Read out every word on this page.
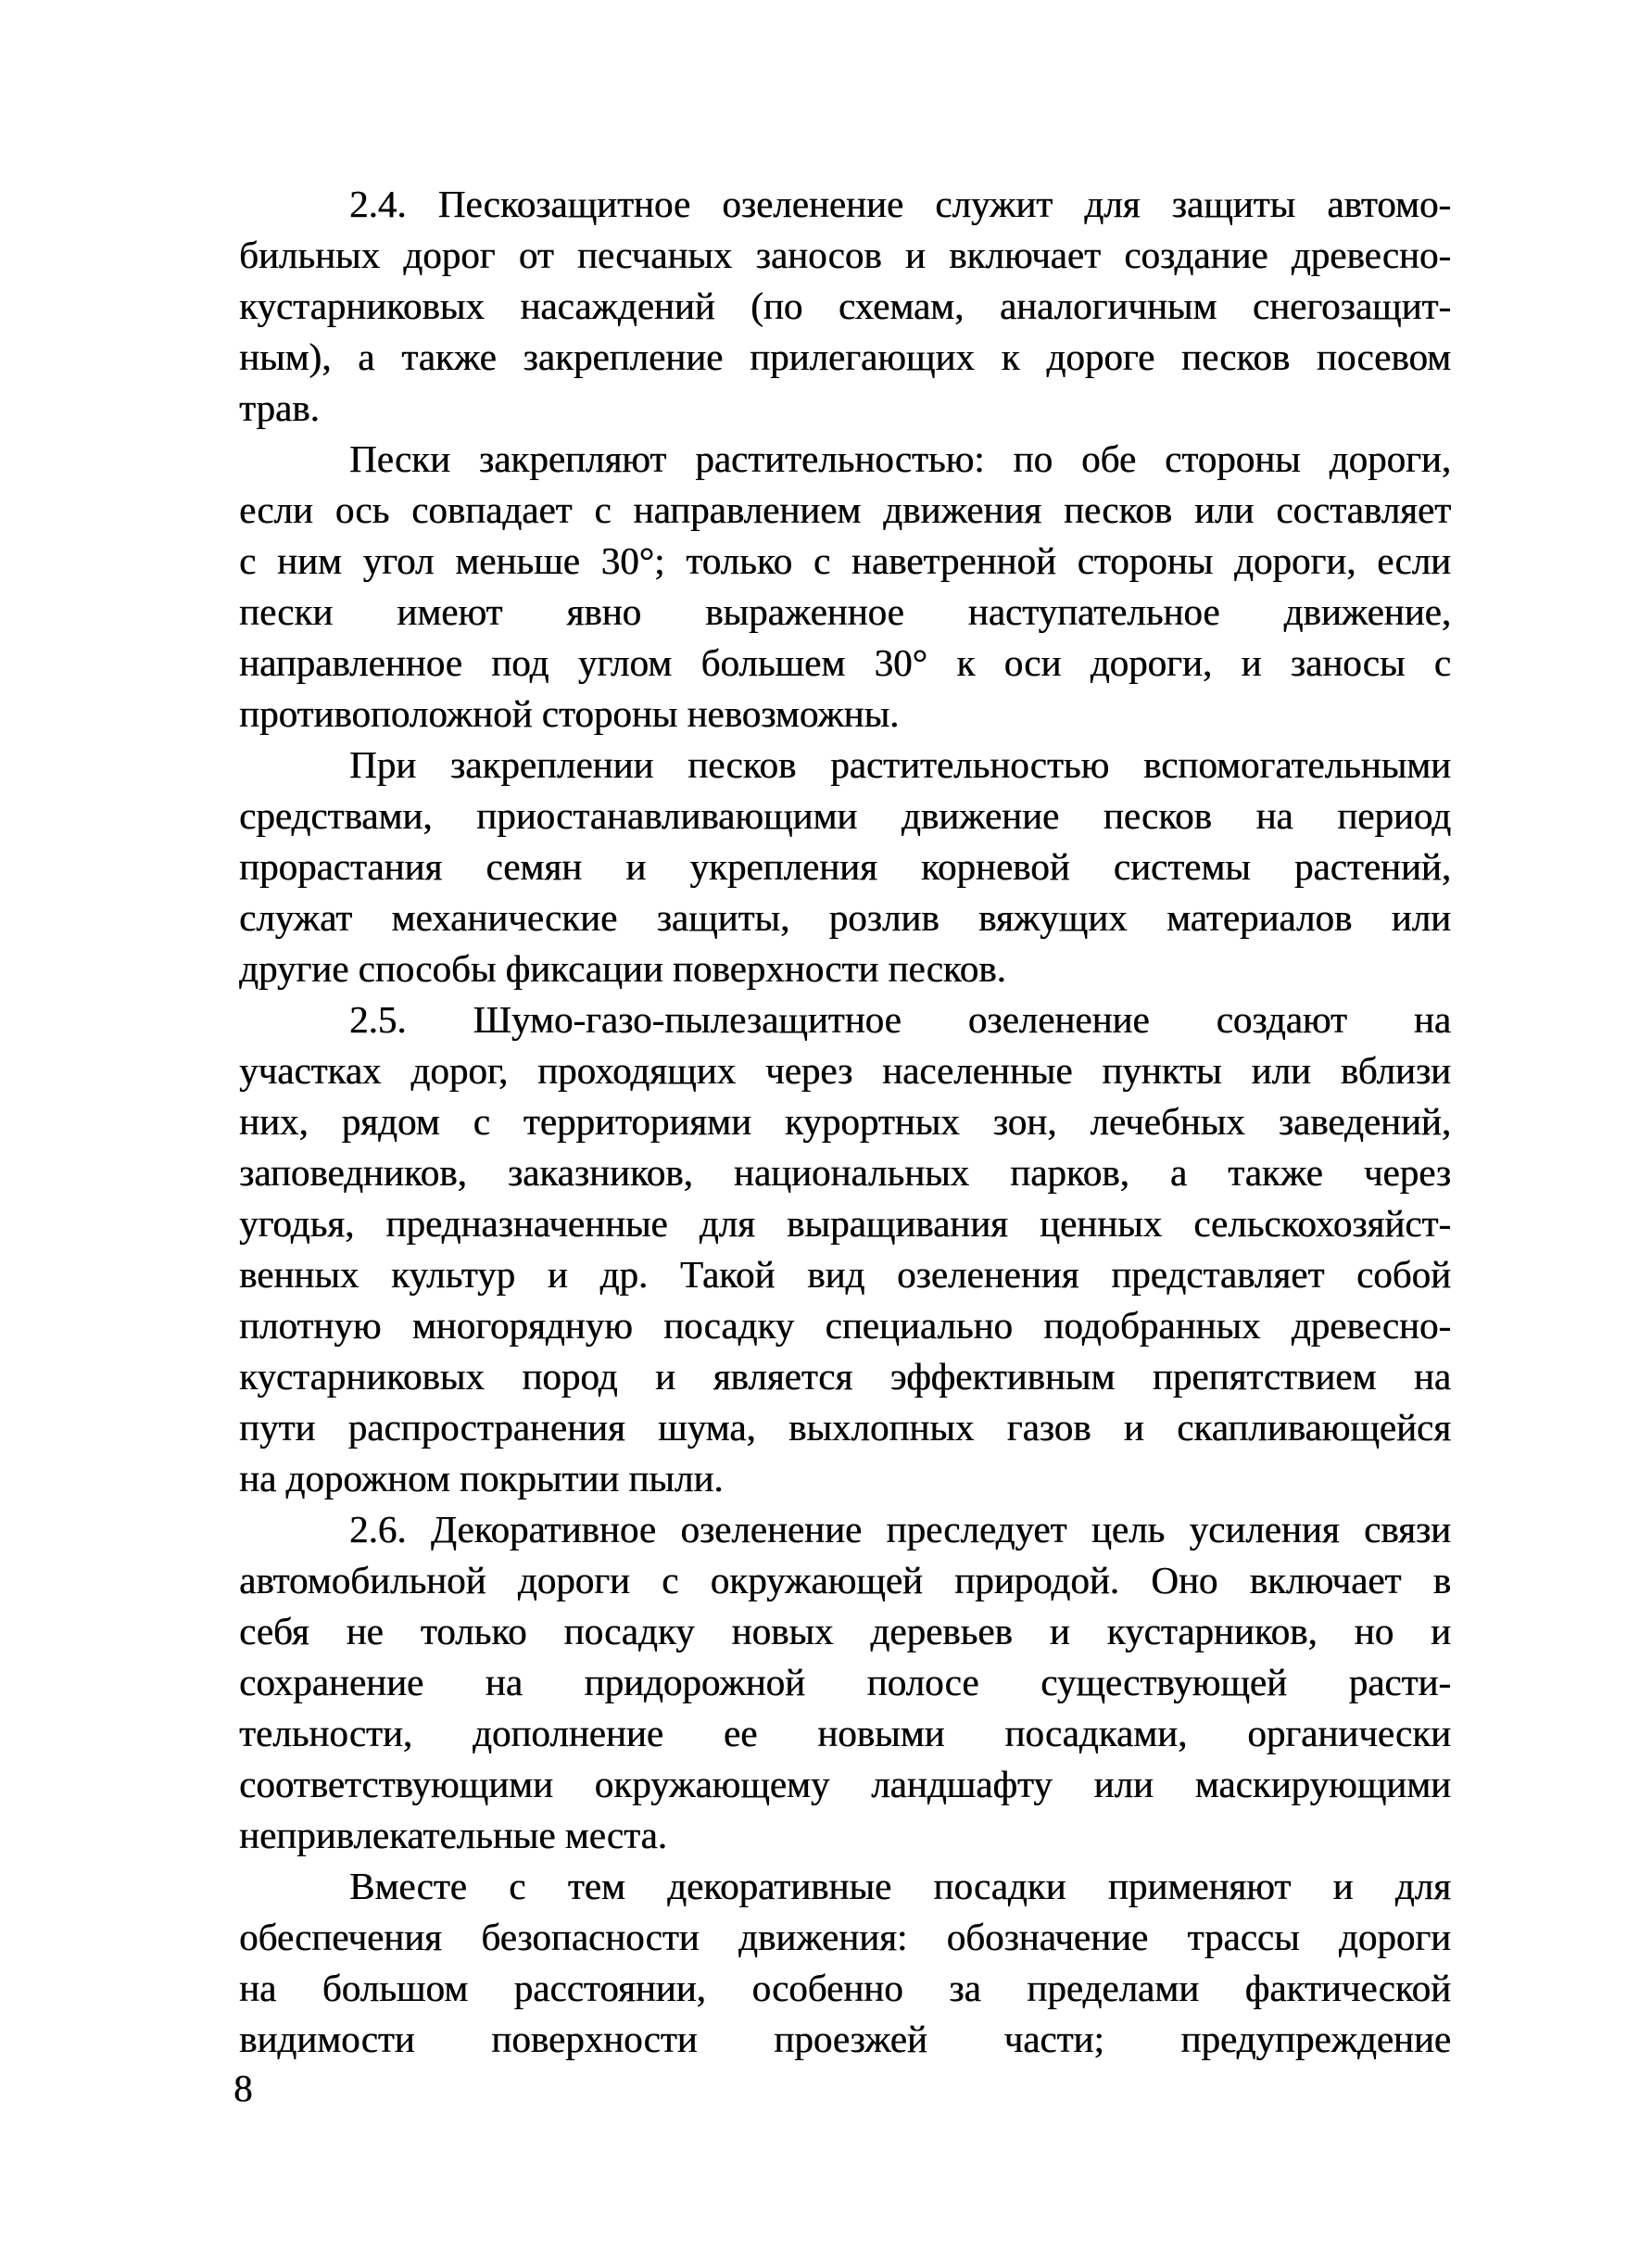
2.4. Пескозащитное озеленение служит для защиты автомо-
бильных дорог от песчаных заносов и включает создание древесно-
кустарниковых насаждений (по схемам, аналогичным снегозащит-
ным), а также закрепление прилегающих к дороге песков посевом
трав.
Пески закрепляют растительностью: по обе стороны дороги,
если ось совпадает с направлением движения песков или составляет
с ним угол меньше 30°; только с наветренной стороны дороги, если
пески имеют явно выраженное наступательное движение,
направленное под углом большем 30° к оси дороги, и заносы с
противоположной стороны невозможны.
При закреплении песков растительностью вспомогательными
средствами, приостанавливающими движение песков на период
прорастания семян и укрепления корневой системы растений,
служат механические защиты, розлив вяжущих материалов или
другие способы фиксации поверхности песков.
2.5. Шумо-газо-пылезащитное озеленение создают на
участках дорог, проходящих через населенные пункты или вблизи
них, рядом с территориями курортных зон, лечебных заведений,
заповедников, заказников, национальных парков, а также через
угодья, предназначенные для выращивания ценных сельскохозяйст-
венных культур и др. Такой вид озеленения представляет собой
плотную многорядную посадку специально подобранных древесно-
кустарниковых пород и является эффективным препятствием на
пути распространения шума, выхлопных газов и скапливающейся
на дорожном покрытии пыли.
2.6. Декоративное озеленение преследует цель усиления связи
автомобильной дороги с окружающей природой. Оно включает в
себя не только посадку новых деревьев и кустарников, но и
сохранение на придорожной полосе существующей расти-
тельности, дополнение ее новыми посадками, органически
соответствующими окружающему ландшафту или маскирующими
непривлекательные места.
Вместе с тем декоративные посадки применяют и для
обеспечения безопасности движения: обозначение трассы дороги
на большом расстоянии, особенно за пределами фактической
видимости поверхности проезжей части; предупреждение
8
